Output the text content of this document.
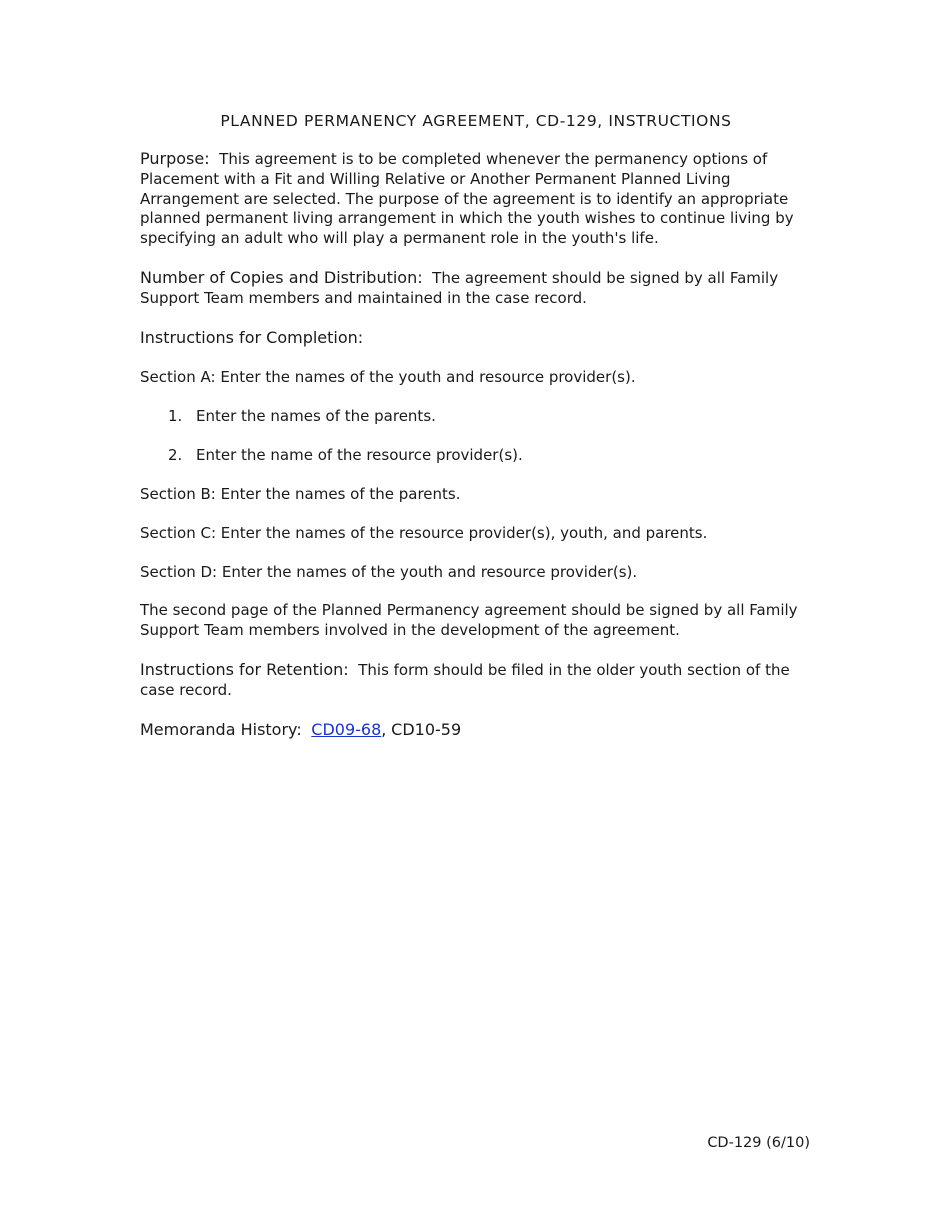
PLANNED PERMANENCY AGREEMENT, CD-129, INSTRUCTIONS

Purpose: This agreement is to be completed whenever the permanency options of Placement with a Fit and Willing Relative or Another Permanent Planned Living Arrangement are selected. The purpose of the agreement is to identify an appropriate planned permanent living arrangement in which the youth wishes to continue living by specifying an adult who will play a permanent role in the youth's life.

Number of Copies and Distribution: The agreement should be signed by all Family Support Team members and maintained in the case record.

Instructions for Completion:

Section A: Enter the names of the youth and resource provider(s).

1. Enter the names of the parents.
2. Enter the name of the resource provider(s).

Section B: Enter the names of the parents.

Section C: Enter the names of the resource provider(s), youth, and parents.

Section D: Enter the names of the youth and resource provider(s).

The second page of the Planned Permanency agreement should be signed by all Family Support Team members involved in the development of the agreement.

Instructions for Retention: This form should be filed in the older youth section of the case record.

Memoranda History: CD09-68, CD10-59

CD-129 (6/10)
